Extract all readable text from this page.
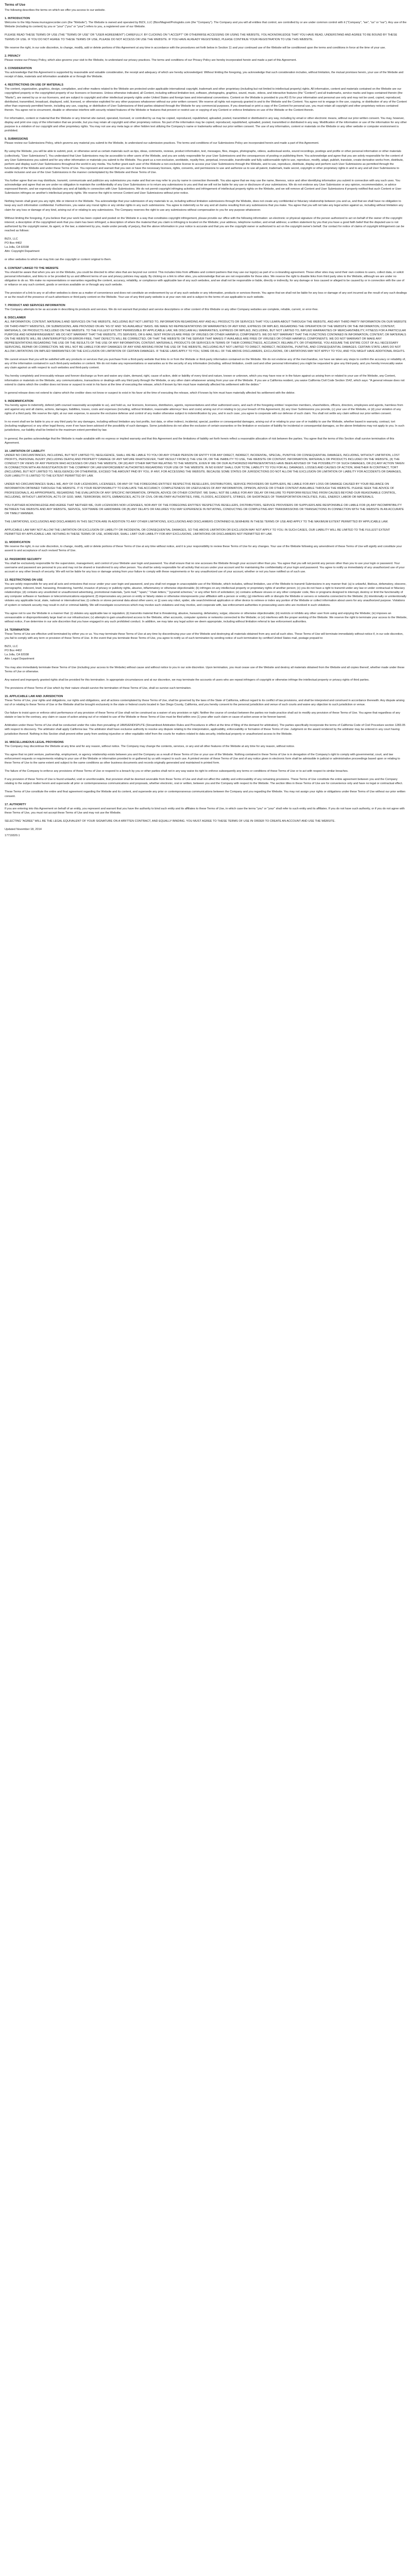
Terms of Use
The following describes the terms on which we offer you access to our website.
1. INTRODUCTION
Welcome to the http://www.murrayprecorder.com (the "Website"). The Website is owned and operated by BIZX, LLC (Bizx/Magnet/Prologistix.com (the "Company"). The Company and you will all entities that control, are controlled by or are under common control with it ("Company", "we", "us" or "our"). Any use of the Website (including its content) by you or "your" ("you" or "your") refers to you, a registered user of our Website.
PLEASE READ THESE TERMS OF USE (THE "TERMS OF USE" OR "USER AGREEMENT") CAREFULLY. BY CLICKING ON "I ACCEPT" OR OTHERWISE ACCESSING OR USING THE WEBSITE, YOU ACKNOWLEDGE THAT YOU HAVE READ, UNDERSTAND AND AGREE TO BE BOUND BY THESE TERMS OF USE. IF YOU DO NOT AGREE TO THESE TERMS OF USE, PLEASE DO NOT ACCESS OR USE THE WEBSITE. IF YOU HAVE ALREADY REGISTERED, PLEASE CONTINUE YOUR REGISTRATION TO USE THIS WEBSITE.
We reserve the right, in our sole discretion, to change, modify, add or delete portions of this Agreement at any time in accordance with the procedures set forth below in Section 11 and your continued use of the Website will be conditioned upon the terms and conditions in force at the time of your use.
2. PRIVACY
Please review our Privacy Policy, which also governs your visit to the Website, to understand our privacy practices. The terms and conditions of our Privacy Policy are hereby incorporated herein and made a part of this Agreement.
3. CONSIDERATION
You acknowledge that this Agreement is supported by reasonable and valuable consideration, the receipt and adequacy of which are hereby acknowledged. Without limiting the foregoing, you acknowledge that such consideration includes, without limitation, the mutual promises herein, your use of the Website and receipt of data, materials and information available at or through the Website.
4. RESTRICTIONS ON USE OF MATERIALS
The content, organization, graphics, design, compilation, and other matters related to the Website are protected under applicable international copyright, trademark and other proprietary (including but not limited to intellectual property) rights. All information, content and materials contained on the Website are our copyrighted property or the copyrighted property of our licensors or licensees. Unless otherwise indicated, all Content, including without limitation text, software, photographs, graphics, sound, music, videos, and interactive features (the "Content") and all trademarks, service marks and logos contained therein (the "Marks"), are owned by us or our licensors, and are subject to copyright and other intellectual property rights under United States and foreign laws and international conventions. Content on the Website is provided to you AS IS for your information and personal use only and may not be used, copied, reproduced, distributed, transmitted, broadcast, displayed, sold, licensed, or otherwise exploited for any other purposes whatsoever without our prior written consent. We reserve all rights not expressly granted in and to the Website and the Content. You agree not to engage in the use, copying, or distribution of any of the Content other than expressly permitted herein, including any use, copying, or distribution of User Submissions of third parties obtained through the Website for any commercial purposes. If you download or print a copy of the Content for personal use, you must retain all copyright and other proprietary notices contained therein. You agree not to circumvent, disable or otherwise interfere with security related features of the Website or features that prevent or restrict use or copying of any Content or enforce limitations on use of the Website or the Content therein.
For information, content or material that the Website or any Internet site owned, operated, licensed, or controlled by us may be copied, reproduced, republished, uploaded, posted, transmitted or distributed in any way, including by email or other electronic means, without our prior written consent. You may, however, display and print one copy of the information that we provide, but you may retain all copyright and other proprietary notices. No part of the information may be copied, reproduced, republished, uploaded, posted, transmitted or distributed in any way. Modification of the information or use of the information for any other purpose is a violation of our copyright and other proprietary rights. You may not use any meta tags or other hidden text utilizing the Company's name or trademarks without our prior written consent. The use of any information, content or materials on the Website or any other website or computer environment is prohibited.
5. SUBMISSIONS
Please review our Submissions Policy, which governs any material you submit to the Website, to understand our submission practices. The terms and conditions of our Submissions Policy are incorporated herein and made a part of this Agreement.
By using the Website, you will be able to submit, post, or otherwise send us certain materials such as tips, ideas, comments, reviews, product information, text, messages, files, images, photographs, videos, audiovisual works, sound recordings, postings and profile or other personal information or other materials (collectively, "User Submissions"). You understand that User Submissions may be accessible to other users of the Website, and you are solely responsible for your User Submissions and the consequences of posting or publishing them. You acknowledge and agree that you are solely responsible for the content of any User Submissions you submit and for any other information or materials you submit to the Website. You grant us a non-exclusive, worldwide, royalty-free, perpetual, irrevocable, transferable and fully sublicensable right to use, reproduce, modify, adapt, publish, translate, create derivative works from, distribute, perform and display such User Submissions throughout the world in any media. You further grant each user of the Website a non-exclusive license to access your User Submissions through the Website, and to use, reproduce, distribute, display and perform such User Submissions as permitted through the functionality of the Website and under these Terms of Use. You represent and warrant that you own or have the necessary licenses, rights, consents, and permissions to use and authorize us to use all patent, trademark, trade secret, copyright or other proprietary rights in and to any and all User Submissions to enable inclusion and use of the User Submissions in the manner contemplated by the Website and these Terms of Use.
You further agree that we may distribute, transmit, communicate and publicize any submissions you make and that we may refer to you by name in connection therewith. You also agree that we may use the name, likeness, voice and other identifying information you submit in connection with any such uses. You acknowledge and agree that we are under no obligation to maintain the confidentiality of any User Submissions or to return any submissions to you and that we will not be liable for any use or disclosure of your submissions. We do not endorse any User Submission or any opinion, recommendation, or advice expressed therein, and we expressly disclaim any and all liability in connection with User Submissions. We do not permit copyright infringing activities and infringement of intellectual property rights on the Website, and we will remove all Content and User Submissions if properly notified that such Content or User Submission infringes on another's intellectual property rights. We reserve the right to remove Content and User Submissions without prior notice.
Nothing herein shall grant you any right, title or interest in the Website. You acknowledge that your submission of any materials to us, including without limitation submissions through the Website, does not create any confidential or fiduciary relationship between you and us, and that we shall have no obligation to keep any such information confidential. Furthermore, you waive any moral rights or any similar rights in any such submissions. You agree to indemnify us for any and all claims resulting from any submissions that you make. You agree that you will not take any legal action against us, including without limitation any claim for any loss or damage of any kind, arising out of or relating to any submissions. The Company reserves the right to use any submissions without compensation to you for any purpose whatsoever.
Without limiting the foregoing, if you believe that your work has been copied and posted on the Website in a way that constitutes copyright infringement, please provide our office with the following information: an electronic or physical signature of the person authorized to act on behalf of the owner of the copyright interest; a description of the copyrighted work that you claim has been infringed; a description of where the material that you claim is infringing is located on the Website; your address, telephone number, and email address; a written statement by you that you have a good faith belief that the disputed use is not authorized by the copyright owner, its agent, or the law; a statement by you, made under penalty of perjury, that the above information in your notice is accurate and that you are the copyright owner or authorized to act on the copyright owner's behalf. Our contact for notice of claims of copyright infringement can be reached as follows:
BIZX, LLC
PO Box 4402
La Jolla, CA 92038
Attn: Copyright Department
or other websites to which we may link can the copyright or content original to them.
6. CONTENT LINKED TO THE WEBSITE
You should be aware that when you are on the Website, you could be directed to other sites that are beyond our control. This includes links from affiliates and content partners that may use our logo(s) as part of a co-branding agreement. These other sites may send their own cookies to users, collect data, or solicit personal information, and links to or be provided by us and different terms of use and privacy policies may apply. By clicking on a link to other sites, you acknowledge that we are not responsible for those sites. We reserve the right to disable links from third party sites to the Website, although we are under no obligation to do so. We make no representations or warranties regarding the content, accuracy, reliability, or compliance with applicable law of any such websites, and we shall not be responsible or liable, directly or indirectly, for any damage or loss caused or alleged to be caused by or in connection with the use of or reliance on any such content, goods or services available on or through any such website.
The provision of a link to any or all other websites is done as a matter of convenience and does not constitute an endorsement by us of any such website or any information, products or services therein. You agree that we shall not be liable for any loss or damage of any sort incurred as the result of any such dealings or as the result of the presence of such advertisers or third party content on the Website. Your use of any third party website is at your own risk and is subject to the terms of use applicable to such website.
7. PRODUCT AND SERVICES INFORMATION
The Company attempts to be as accurate in describing its products and services. We do not warrant that product and service descriptions or other content of this Website or any other Company websites are complete, reliable, current, or error-free.
8. DISCLAIMER
ALL INFORMATION, CONTENT, MATERIALS AND SERVICES ON THE WEBSITE, INCLUDING BUT NOT LIMITED TO, INFORMATION REGARDING ANY AND ALL PRODUCTS OR SERVICES THAT YOU LEARN ABOUT THROUGH THE WEBSITE, AND ANY THIRD PARTY INFORMATION ON OUR WEBSITE OR THIRD-PARTY WEBSITES, OR SUBMISSIONS, ARE PROVIDED ON AN "AS IS" AND "AS AVAILABLE" BASIS. WE MAKE NO REPRESENTATIONS OR WARRANTIES OF ANY KIND, EXPRESS OR IMPLIED, REGARDING THE OPERATION OF THE WEBSITE OR THE INFORMATION, CONTENT, MATERIALS, OR PRODUCTS INCLUDED ON THE WEBSITE. TO THE FULLEST EXTENT PERMISSIBLE BY APPLICABLE LAW, WE DISCLAIM ALL WARRANTIES, EXPRESS OR IMPLIED, INCLUDING, BUT NOT LIMITED TO, IMPLIED WARRANTIES OF MERCHANTABILITY, FITNESS FOR A PARTICULAR PURPOSE AND NONINFRINGEMENT. WE DO NOT WARRANT THAT THE WEBSITE, ITS SERVERS, OR E-MAIL SENT FROM US ARE FREE OF VIRUSES OR OTHER HARMFUL COMPONENTS. WE DO NOT WARRANT THAT THE FUNCTIONS CONTAINED IN INFORMATION, CONTENT, OR MATERIALS ON THE WEBSITE WILL BE UNINTERRUPTED OR ERROR-FREE, THAT DEFECTS WILL BE CORRECTED, OR THAT THE WEBSITE OR THE SERVER THAT MAKES IT AVAILABLE ARE FREE OF VIRUSES OR OTHER HARMFUL COMPONENTS. WE DO NOT WARRANT OR MAKE ANY REPRESENTATIONS REGARDING THE USE OR THE RESULTS OF THE USE OF ANY INFORMATION, CONTENT, MATERIALS, PRODUCTS OR SERVICES IN TERMS OF THEIR CORRECTNESS, ACCURACY, RELIABILITY, OR OTHERWISE. YOU ASSUME THE ENTIRE COST OF ALL NECESSARY SERVICING, REPAIR OR CORRECTION. WE WILL NOT BE LIABLE FOR ANY DAMAGES OF ANY KIND ARISING FROM THE USE OF THE WEBSITE, INCLUDING BUT NOT LIMITED TO DIRECT, INDIRECT, INCIDENTAL, PUNITIVE, AND CONSEQUENTIAL DAMAGES. CERTAIN STATE LAWS DO NOT ALLOW LIMITATIONS ON IMPLIED WARRANTIES OR THE EXCLUSION OR LIMITATION OF CERTAIN DAMAGES. IF THESE LAWS APPLY TO YOU, SOME OR ALL OF THE ABOVE DISCLAIMERS, EXCLUSIONS, OR LIMITATIONS MAY NOT APPLY TO YOU, AND YOU MIGHT HAVE ADDITIONAL RIGHTS.
We cannot ensure that you will be satisfied with any products or services that you purchase from a third-party website that links to or from the Website or third-party information contained on the Website. We do not endorse any of the merchandise, nor have we taken any steps to confirm the accuracy or reliability of, any of the information contained in such third-party websites or content. We do not make any representations or warranties as to the security of any information (including, without limitation, credit card and other personal information) you might be requested to give any third-party, and you hereby irrevocably waive any claim against us with respect to such websites and third-party content.
You hereby completely and irrevocably release and forever discharge us from and waive any claim, demand, right, cause of action, debt or liability of every kind and nature, known or unknown, which you may have now or in the future against us arising from or related to your use of the Website, any Content, information or materials on the Website, any communications, transactions or dealings with any third party through the Website, or any other claim whatsoever arising from your use of the Website. If you are a California resident, you waive California Civil Code Section 1542, which says: "A general release does not extend to claims which the creditor does not know or suspect to exist in his favor at the time of executing the release, which if known by him must have materially affected his settlement with the debtor."
In general release does not extend to claims which the creditor does not know or suspect to exist in his favor at the time of executing the release, which if known by him must have materially affected his settlement with the debtor.
9. INDEMNIFICATION
You hereby agree to indemnify, defend (with counsel reasonably acceptable to us), and hold us, our licensors, licensees, distributors, agents, representatives and other authorized users, and each of the foregoing entities' respective members, shareholders, officers, directors, employees and agents, harmless from and against any and all claims, actions, damages, liabilities, losses, costs and expenses (including, without limitation, reasonable attorneys' fees and costs) arising out of or relating to (a) your breach of this Agreement, (b) any User Submissions you provide, (c) your use of the Website, or (d) your violation of any rights of a third party. We reserve the right, at our own expense, to assume the exclusive defense and control of any matter otherwise subject to indemnification by you, and in such case, you agree to cooperate with our defense of such claim. You shall not settle any claim without our prior written consent.
In no event shall we be liable to you or any third party for any damages, including without limitation any lost profits, lost data, or other indirect, incidental, special, punitive or consequential damages, arising out of or relating to your use of or inability to use the Website, whether based in warranty, contract, tort (including negligence) or any other legal theory, even if we have been advised of the possibility of such damages. Some jurisdictions do not allow the exclusion of certain warranties or the limitation or exclusion of liability for incidental or consequential damages, so the above limitations may not apply to you. In such jurisdictions, our liability shall be limited to the maximum extent permitted by law.
In general, the parties acknowledge that the Website is made available with no express or implied warranty and that this Agreement and the limitations of liability set forth herein reflect a reasonable allocation of risk between the parties. You agree that the terms of this Section shall survive termination of this Agreement.
10. LIMITATION OF LIABILITY
UNDER NO CIRCUMSTANCES, INCLUDING, BUT NOT LIMITED TO, NEGLIGENCE, SHALL WE BE LIABLE TO YOU OR ANY OTHER PERSON OR ENTITY FOR ANY DIRECT, INDIRECT, INCIDENTAL, SPECIAL, PUNITIVE OR CONSEQUENTIAL DAMAGES, INCLUDING, WITHOUT LIMITATION, LOST PROFITS, PERSONAL INJURY (INCLUDING DEATH) AND PROPERTY DAMAGE OF ANY NATURE WHATSOEVER, THAT RESULT FROM (I) THE USE OF, OR THE INABILITY TO USE, THE WEBSITE OR CONTENT, INFORMATION, MATERIALS OR PRODUCTS INCLUDED ON THE WEBSITE, (II) THE CONDUCT OR VIEWS OF ANY PERSON WHO ACCESSES OR USES THE WEBSITE, OR (III) ANY OTHER MATTER RELATING TO THE WEBSITE, EVEN IF WE OR OUR AUTHORIZED REPRESENTATIVES HAVE BEEN ADVISED OF THE POSSIBILITY OF SUCH DAMAGES, OR (IV) ANY ACTION TAKEN IN CONNECTION WITH AN INVESTIGATION BY THE COMPANY OR LAW ENFORCEMENT AUTHORITIES REGARDING YOUR USE OF THE WEBSITE. IN NO EVENT SHALL OUR TOTAL LIABILITY TO YOU FOR ALL DAMAGES, LOSSES AND CAUSES OF ACTION, WHETHER IN CONTRACT, TORT (INCLUDING, BUT NOT LIMITED TO, NEGLIGENCE) OR OTHERWISE, EXCEED THE AMOUNT PAID BY YOU, IF ANY, FOR ACCESSING THE WEBSITE. BECAUSE SOME STATES OR JURISDICTIONS DO NOT ALLOW THE EXCLUSION OR LIMITATION OF LIABILITY FOR ACCIDENTS OR DAMAGES, OUR LIABILITY IS LIMITED TO THE EXTENT PERMITTED BY LAW.
UNDER NO CIRCUMSTANCES SHALL WE, ANY OF OUR LICENSORS, LICENSEES, OR ANY OF THE FOREGOING ENTITIES' RESPECTIVE RESELLERS, DISTRIBUTORS, SERVICE PROVIDERS OR SUPPLIERS, BE LIABLE FOR ANY LOSS OR DAMAGE CAUSED BY YOUR RELIANCE ON INFORMATION OBTAINED THROUGH THE WEBSITE. IT IS YOUR RESPONSIBILITY TO EVALUATE THE ACCURACY, COMPLETENESS OR USEFULNESS OF ANY INFORMATION, OPINION, ADVICE OR OTHER CONTENT AVAILABLE THROUGH THE WEBSITE. PLEASE SEEK THE ADVICE OF PROFESSIONALS, AS APPROPRIATE, REGARDING THE EVALUATION OF ANY SPECIFIC INFORMATION, OPINION, ADVICE OR OTHER CONTENT. WE SHALL NOT BE LIABLE FOR ANY DELAY OR FAILURE TO PERFORM RESULTING FROM CAUSES BEYOND OUR REASONABLE CONTROL, INCLUDING, WITHOUT LIMITATION, ACTS OF GOD, WAR, TERRORISM, RIOTS, EMBARGOES, ACTS OF CIVIL OR MILITARY AUTHORITIES, FIRE, FLOODS, ACCIDENTS, STRIKES, OR SHORTAGES OF TRANSPORTATION FACILITIES, FUEL, ENERGY, LABOR OR MATERIALS.
YOU FURTHER ACKNOWLEDGE AND AGREE THAT NEITHER WE, OUR LICENSORS NOR LICENSEES, NOR ANY OF THE FOREGOING ENTITIES' RESPECTIVE RESELLERS, DISTRIBUTORS, SERVICE PROVIDERS OR SUPPLIERS ARE RESPONSIBLE OR LIABLE FOR (A) ANY INCOMPATIBILITY BETWEEN THE WEBSITE AND ANY WEBSITE, SERVICE, SOFTWARE OR HARDWARE OR (B) ANY DELAYS OR FAILURES YOU MAY EXPERIENCE IN INITIATING, CONDUCTING OR COMPLETING ANY TRANSMISSIONS OR TRANSACTIONS IN CONNECTION WITH THE WEBSITE IN AN ACCURATE OR TIMELY MANNER.
THE LIMITATIONS, EXCLUSIONS AND DISCLAIMERS IN THIS SECTION ARE IN ADDITION TO ANY OTHER LIMITATIONS, EXCLUSIONS AND DISCLAIMERS CONTAINED ELSEWHERE IN THESE TERMS OF USE AND APPLY TO THE MAXIMUM EXTENT PERMITTED BY APPLICABLE LAW.
APPLICABLE LAW MAY NOT ALLOW THE LIMITATION OR EXCLUSION OF LIABILITY OR INCIDENTAL OR CONSEQUENTIAL DAMAGES, SO THE ABOVE LIMITATION OR EXCLUSION MAY NOT APPLY TO YOU. IN SUCH CASES, OUR LIABILITY WILL BE LIMITED TO THE FULLEST EXTENT PERMITTED BY APPLICABLE LAW. NOTHING IN THESE TERMS OF USE, HOWEVER, SHALL LIMIT OUR LIABILITY FOR ANY EXCLUSIONS, LIMITATIONS OR DISCLAIMERS NOT PERMITTED BY LAW.
11. MODIFICATION
We reserve the right, in our sole discretion, to change, modify, add or delete portions of these Terms of Use at any time without notice, and it is your responsibility to review these Terms of Use for any changes. Your use of the Website following any amendment of these Terms of Use will signify and constitute your assent to and acceptance of such revised Terms of Use.
12. PASSWORD SECURITY
You shall be exclusively responsible for the supervision, management, and control of your Website user login and password. You shall ensure that no one accesses the Website through your account other than you. You agree that you will not permit any person other than you to use your login or password. Your username and password are personal to you and may not be shared or transferred to any other person. You shall be solely responsible for all activity that occurs under your account and for maintaining the confidentiality of your login and password. You agree to notify us immediately of any unauthorized use of your account or any other breach of security. We will not be liable for any loss or damage arising from your failure to comply with these requirements or for any unauthorized use of your account, whether or not you have notified us of such use.
13. RESTRICTIONS ON USE
You are solely responsible for any and all acts and omissions that occur under your user login and password, and you shall not engage in unacceptable use of the Website, which includes, without limitation, use of the Website to transmit Submissions in any manner that: (a) is unlawful, libelous, defamatory, obscene, pornographic, indecent, lewd, harassing, threatening, harmful, invasive of privacy or publicity rights, abusive, inflammatory or otherwise objectionable; (b) infringes on any intellectual property or proprietary rights of another person; (c) you do not have a right to transmit under any law or under contractual or fiduciary relationships; (d) contains any unsolicited or unauthorized advertising, promotional materials, "junk mail," "spam," "chain letters," "pyramid schemes," or any other form of solicitation; (e) contains software viruses or any other computer code, files or programs designed to interrupt, destroy or limit the functionality of any computer software or hardware or telecommunications equipment; (f) impersonates any person or entity or falsely states or otherwise misrepresents your affiliation with a person or entity; (g) interferes with or disrupts the Website or servers or networks connected to the Website; (h) intentionally or unintentionally violates any applicable local, state, national or international law; (i) collects or stores personal data about other users; or (j) uses any robot, spider, site search/retrieval application or other device to retrieve or index any portion of the Website or collect information about users for any unauthorized purpose. Violations of system or network security may result in civil or criminal liability. We will investigate occurrences which may involve such violations and may involve, and cooperate with, law enforcement authorities in prosecuting users who are involved in such violations.
You agree not to use the Website in a manner that: (i) violates any applicable law or regulation; (ii) transmits material that is threatening, abusive, harassing, defamatory, vulgar, obscene or otherwise objectionable; (iii) restricts or inhibits any other user from using and enjoying the Website; (iv) imposes an unreasonable or disproportionately large load on our infrastructure; (v) attempts to gain unauthorized access to the Website, other accounts, computer systems or networks connected to the Website; or (vi) interferes with the proper working of the Website. We reserve the right to terminate your access to the Website, without notice, if we determine in our sole discretion that you have engaged in any such prohibited conduct. In addition, we may take any legal action we deem appropriate, including without limitation referral to law enforcement authorities.
14. TERMINATION
These Terms of Use are effective until terminated by either you or us. You may terminate these Terms of Use at any time by discontinuing your use of the Website and destroying all materials obtained from any and all such sites. These Terms of Use will terminate immediately without notice if, in our sole discretion, you fail to comply with any term or provision of these Terms of Use. In the event that you terminate these Terms of Use, you agree to notify us of such termination by sending notice of such termination by certified United States mail, postage prepaid to:
BIZX, LLC
PO Box 4402
La Jolla, CA 92038
Attn: Legal Department
You may also immediately terminate these Terms of Use (including your access to the Website) without cause and without notice to you in our sole discretion. Upon termination, you must cease use of the Website and destroy all materials obtained from the Website and all copies thereof, whether made under these Terms of Use or otherwise.
Any waived and improperly granted rights shall be provided for this termination. In appropriate circumstances and at our discretion, we may terminate the accounts of users who are repeat infringers of copyright or otherwise infringe the intellectual property or privacy rights of third parties.
The provisions of these Terms of Use which by their nature should survive the termination of these Terms of Use, shall so survive such termination.
15. APPLICABLE LAW AND JURISDICTION
These Terms of Use, your rights and obligations, our rights and obligations, and all actions contemplated by these Terms of Use, shall be governed by the laws of the State of California, without regard to its conflict of law provisions, and shall be interpreted and construed in accordance therewith. Any dispute arising out of or relating to these Terms of Use or the Website shall be brought exclusively in the state or federal courts located in San Diego County, California, and you hereby consent to the personal jurisdiction and venue of such courts and waive any objection to such jurisdiction or venue.
Our failure to insist upon or enforce strict performance of any provision of these Terms of Use shall not be construed as a waiver of any provision or right. Neither the course of conduct between the parties nor trade practice shall act to modify any provision of these Terms of Use. You agree that regardless of any statute or law to the contrary, any claim or cause of action arising out of or related to use of the Website or these Terms of Use must be filed within one (1) year after such claim or cause of action arose or be forever barred.
Arbitration under these Terms of Use shall be conducted under the rules then prevailing of JAMS/ENDISPUTE (Streamlined Arbitration Rules and Procedures in effect at the time of filing of the demand for arbitration). The parties specifically incorporate the terms of California Code of Civil Procedure section 1283.05 with respect to discovery. The arbitrator shall apply California law. The arbitrator shall have exclusive authority to resolve any dispute relating to the interpretation, applicability, enforceability or formation of these Terms of Use. Judgment on the award rendered by the arbitrator may be entered in any court having jurisdiction thereof. Nothing in this Section shall prevent either party from seeking injunctive or other equitable relief from the courts for matters related to data security, intellectual property or unauthorized access to the Website.
16. MISCELLANEOUS LEGAL PROVISIONS
The Company may discontinue the Website at any time and for any reason, without notice. The Company may change the contents, services, or any and all other features of the Website at any time for any reason, without notice.
You agree that no joint venture, partnership, employment, or agency relationship exists between you and the Company as a result of these Terms of Use or your use of the Website. Nothing contained in these Terms of Use is in derogation of the Company's right to comply with governmental, court, and law enforcement requests or requirements relating to your use of the Website or information provided to or gathered by us with respect to such use. A printed version of these Terms of Use and of any notice given in electronic form shall be admissible in judicial or administrative proceedings based upon or relating to these Terms of Use to the same extent and subject to the same conditions as other business documents and records originally generated and maintained in printed form.
The failure of the Company to enforce any provisions of these Terms of Use or respond to a breach by you or other parties shall not in any way waive its right to enforce subsequently any terms or conditions of these Terms of Use or to act with respect to similar breaches.
If any provision of these Terms of Use is found unlawful, void or unenforceable, that provision shall be deemed severable from these Terms of Use and shall not affect the validity and enforceability of any remaining provisions. These Terms of Use constitute the entire agreement between you and the Company relating to the subject matter herein and supersede all prior or contemporaneous communications and proposals, whether electronic, oral or written, between you and the Company with respect to the Website. The section titles in these Terms of Use are for convenience only and have no legal or contractual effect.
These Terms of Use constitute the entire and final agreement regarding the Website and its content, and supersede any prior or contemporaneous communications between the Company and you regarding the Website. You may not assign your rights or obligations under these Terms of Use without our prior written consent.
17. AUTHORITY
If you are entering into this Agreement on behalf of an entity, you represent and warrant that you have the authority to bind such entity and its affiliates to these Terms of Use, in which case the terms "you" or "your" shall refer to such entity and its affiliates. If you do not have such authority, or if you do not agree with these Terms of Use, you must not accept these Terms of Use and may not use the Website.
SELECTING "AGREE" WILL BE THE LEGAL EQUIVALENT OF YOUR SIGNATURE ON A WRITTEN CONTRACT, AND EQUALLY BINDING. YOU MUST AGREE TO THESE TERMS OF USE IN ORDER TO CREATE AN ACCOUNT AND USE THE WEBSITE.
Updated November 18, 2014
17719320.1
